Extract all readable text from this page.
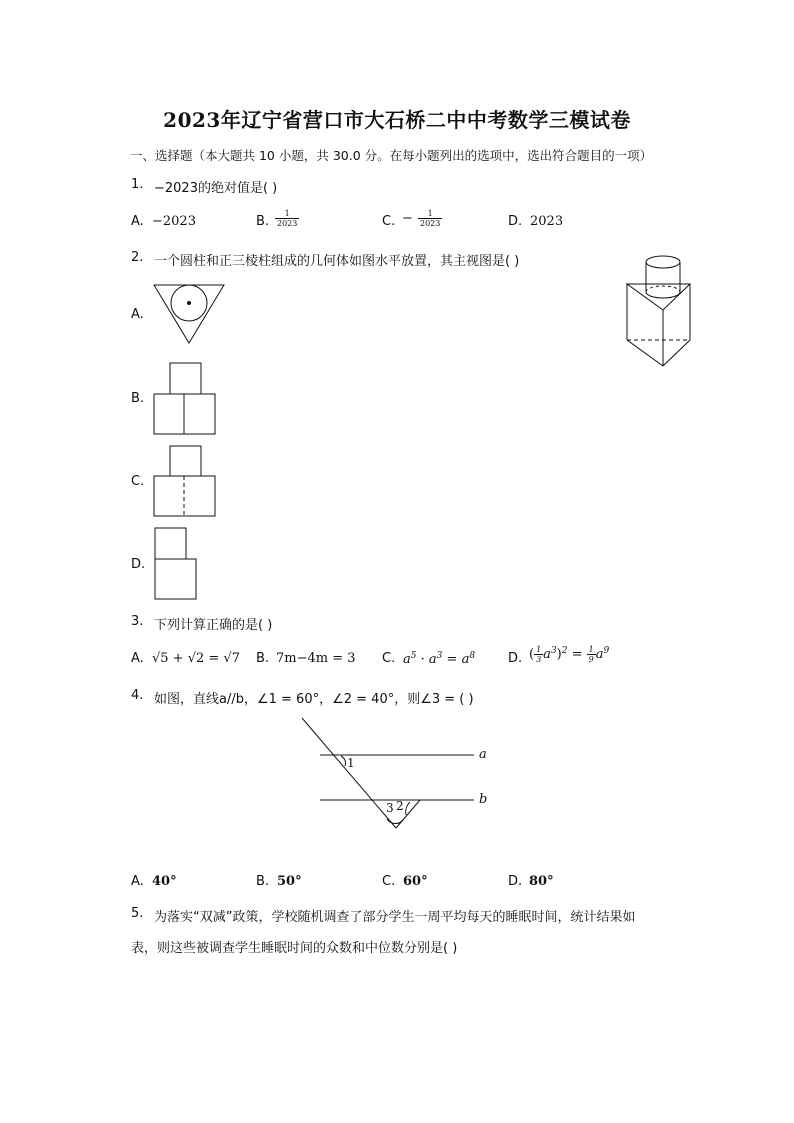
2023年辽宁省营口市大石桥二中中考数学三模试卷
一、选择题（本大题共 10 小题，共 30.0 分。在每小题列出的选项中，选出符合题目的一项）
1. −2023的绝对值是( )
A. −2023	B. $\frac{1}{2023}$	C. − $\frac{1}{2023}$	D. 2023
2. 一个圆柱和正三棱柱组成的几何体如图水平放置，其主视图是( )
A.
B.
C.
D.
3. 下列计算正确的是( )
A. √5 + √2 = √7 B. 7m−4m = 3 C. $a^5 \cdot a^3 = a^8$	D. ( $\frac{1}{3} a^3)^2 = \frac{1}{9} a^9$
4. 如图，直线a//b，∠1 = 60°，∠2 = 40°，则∠3 = ( )
a
b
1
2
3
A. 40°	B. 50°	C. 60°	D. 80°
5. 为落实“双减”政策，学校随机调查了部分学生一周平均每天的睡眠时间，统计结果如
表，则这些被调查学生睡眠时间的众数和中位数分别是( )
